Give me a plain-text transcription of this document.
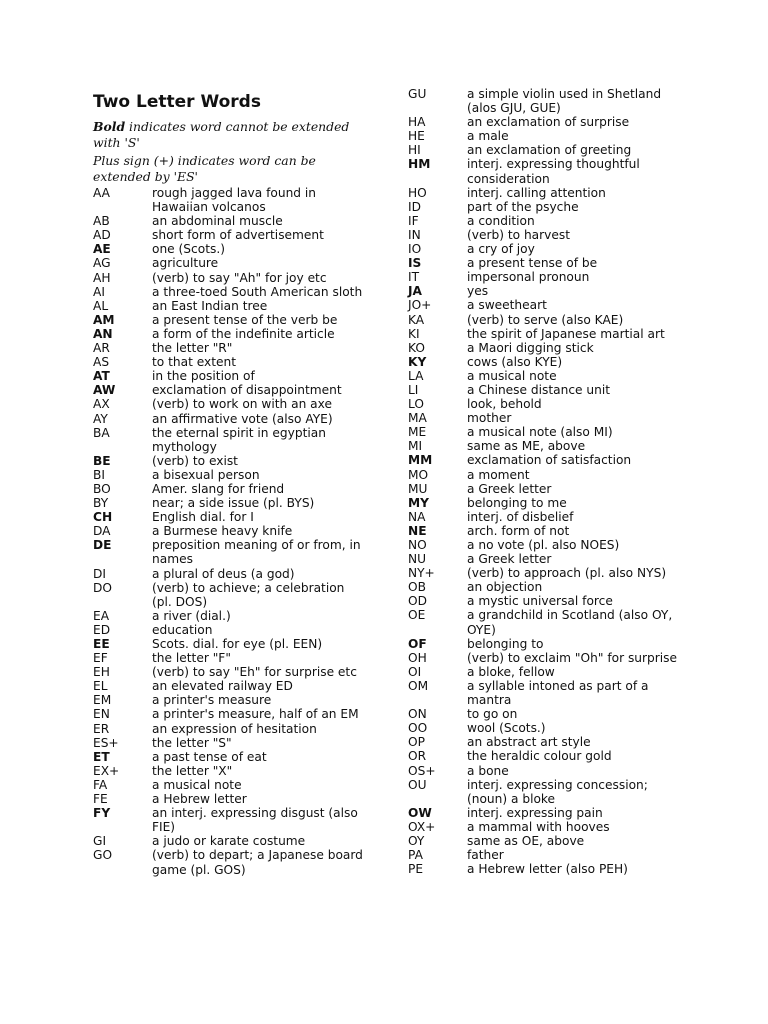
Two Letter Words

Bold indicates word cannot be extended with 'S'

Plus sign (+) indicates word can be extended by 'ES'

AA	rough jagged lava found in Hawaiian volcanos
AB	an abdominal muscle
AD	short form of advertisement
AE	one (Scots.)
AG	agriculture
AH	(verb) to say "Ah" for joy etc
AI	a three-toed South American sloth
AL	an East Indian tree
AM	a present tense of the verb be
AN	a form of the indefinite article
AR	the letter "R"
AS	to that extent
AT	in the position of
AW	exclamation of disappointment
AX	(verb) to work on with an axe
AY	an affirmative vote (also AYE)
BA	the eternal spirit in egyptian mythology
BE	(verb) to exist
BI	a bisexual person
BO	Amer. slang for friend
BY	near; a side issue (pl. BYS)
CH	English dial. for I
DA	a Burmese heavy knife
DE	preposition meaning of or from, in names
DI	a plural of deus (a god)
DO	(verb) to achieve; a celebration (pl. DOS)
EA	a river (dial.)
ED	education
EE	Scots. dial. for eye (pl. EEN)
EF	the letter "F"
EH	(verb) to say "Eh" for surprise etc
EL	an elevated railway ED
EM	a printer's measure
EN	a printer's measure, half of an EM
ER	an expression of hesitation
ES+	the letter "S"
ET	a past tense of eat
EX+	the letter "X"
FA	a musical note
FE	a Hebrew letter
FY	an interj. expressing disgust (also FIE)
GI	a judo or karate costume
GO	(verb) to depart; a Japanese board game (pl. GOS)
GU	a simple violin used in Shetland (alos GJU, GUE)
HA	an exclamation of surprise
HE	a male
HI	an exclamation of greeting
HM	interj. expressing thoughtful consideration
HO	interj. calling attention
ID	part of the psyche
IF	a condition
IN	(verb) to harvest
IO	a cry of joy
IS	a present tense of be
IT	impersonal pronoun
JA	yes
JO+	a sweetheart
KA	(verb) to serve (also KAE)
KI	the spirit of Japanese martial art
KO	a Maori digging stick
KY	cows (also KYE)
LA	a musical note
LI	a Chinese distance unit
LO	look, behold
MA	mother
ME	a musical note (also MI)
MI	same as ME, above
MM	exclamation of satisfaction
MO	a moment
MU	a Greek letter
MY	belonging to me
NA	interj. of disbelief
NE	arch. form of not
NO	a no vote (pl. also NOES)
NU	a Greek letter
NY+	(verb) to approach (pl. also NYS)
OB	an objection
OD	a mystic universal force
OE	a grandchild in Scotland (also OY, OYE)
OF	belonging to
OH	(verb) to exclaim "Oh" for surprise
OI	a bloke, fellow
OM	a syllable intoned as part of a mantra
ON	to go on
OO	wool (Scots.)
OP	an abstract art style
OR	the heraldic colour gold
OS+	a bone
OU	interj. expressing concession; (noun) a bloke
OW	interj. expressing pain
OX+	a mammal with hooves
OY	same as OE, above
PA	father
PE	a Hebrew letter (also PEH)
